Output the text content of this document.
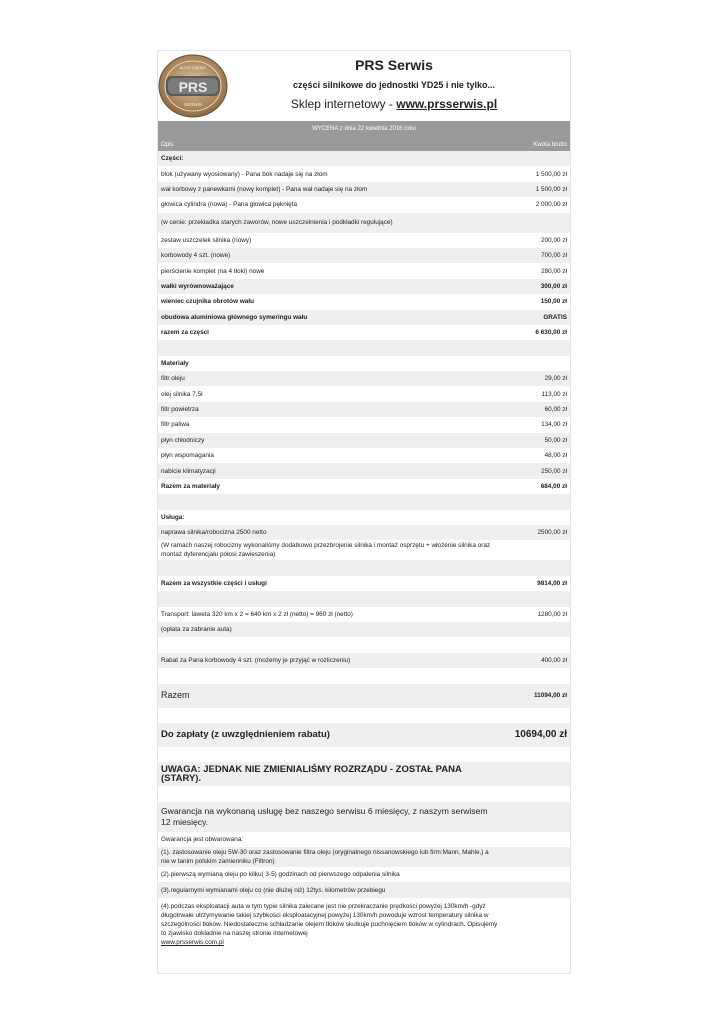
PRS
AUTO CZĘŚCI
SERWIS
PRS Serwis
części silnikowe do jednostki YD25 i nie tylko...
Sklep internetowy - www.prsserwis.pl
WYCENA z dnia 22 kwietnia 2016 roku
Opis	Kwota brutto
Części:
blok (używany wyosiowany) - Pana bok nadaje się na złom	1 500,00 zł
wał korbowy z panewkami (nowy komplet) - Pana wał nadaje się na złom	1 500,00 zł
głowica cylindra (nowa) - Pana głowica pęknięta	2 000,00 zł
(w cenie: przekładka starych zaworów, nowe uszczelnienia i podkładki regulujące)
zestaw uszczelek silnika (nowy)	200,00 zł
korbowody 4 szt. (nowe)	700,00 zł
pierścienie komplet (na 4 tłoki) nowe	280,00 zł
wałki wyrównoważające	300,00 zł
wieniec czujnika obrotów wału	150,00 zł
obudowa aluminiowa głównego symeringu wału	GRATIS
razem za części	6 630,00 zł
Materiały
filtr oleju	29,00 zł
olej silnika 7,5l	113,00 zł
filtr powietrza	60,00 zł
filtr paliwa	134,00 zł
płyn chłodniczy	50,00 zł
płyn wspomagania	48,00 zł
nabicie klimatyzacji	250,00 zł
Razem za materiały	684,00 zł
Usługa:
naprawa silnika/robocizna 2500 netto	2500,00 zł
(W ramach naszej robocizny wykonaliśmy dodatkowo przezbrojenie silnika i montaż osprzętu + włożenie silnika oraz montaż dyferencjału półosi zawieszenia)
Razem za wszystkie części i usługi	9814,00 zł
Transport: laweta 320 km x 2 = 640 km x 2 zł (netto) = 960 zł (netto)	1280,00 zł
(opłata za zabranie auta)
Rabat za Pana korbowody 4 szt. (możemy je przyjąć w rozliczeniu)	400,00 zł
Razem	11094,00 zł
Do zapłaty (z uwzględnieniem rabatu)	10694,00 zł
UWAGA: JEDNAK NIE ZMIENIALIŚMY ROZRZĄDU - ZOSTAŁ PANA (STARY).
Gwarancja na wykonaną usługę bez naszego serwisu 6 miesięcy, z naszym serwisem 12 miesięcy.
Gwarancja jest obwarowana:
(1). zastosowanie oleju 5W-30 oraz zastosowanie filtra oleju (oryginalnego nissanowskiego lub firm:Mann, Mahle,) a nie w tanim polskim zamienniku (Filtron)
(2).pierwszą wymianą oleju po kilku( 3-5) godzinach od pierwszego odpalenia silnika
(3).regularnymi wymianami oleju co (nie dłużej niż) 12tys. kilometrów przebiegu
(4).podczas eksploatacji auta w tym typie silnika zalecane jest nie przekraczanie prędkości powyżej 130km/h -gdyż długotrwałe utrzymywanie takiej szybkości eksploatacyjnej powyżej 130km/h powoduje wzrost temperatury silnika w szczególności tłoków. Niedostateczne schładzanie olejem tłoków skutkuje puchnięciem tłoków w cylindrach. Opisujemy to zjawisko dokładnie na naszej stronie internetowej
www.prsserwis.com.pl
